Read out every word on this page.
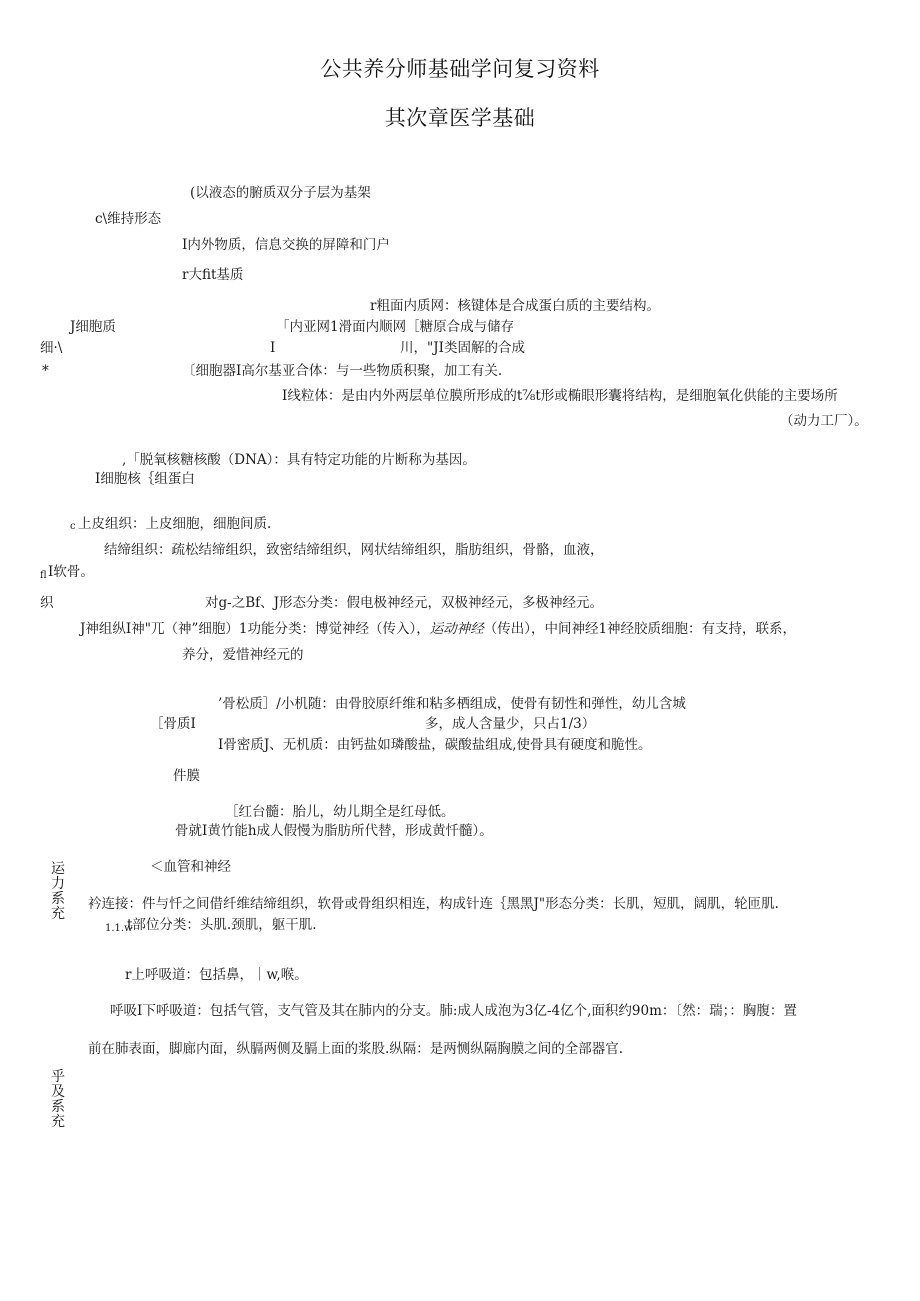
公共养分师基础学问复习资料
其次章医学基础
(以液态的腑质双分子层为基架
c\维持形态
I内外物质，信息交换的屏障和门户
r大fit基质
r粗面内质网：核键体是合成蛋白质的主要结构。
J细胞质	「内亚网1滑面内顺网［糖原合成与储存
细·\	I	川，"JI类固解的合成
*	〔细胞器I高尔基亚合体：与一些物质积聚，加工有关.
I线粒体：是由内外两层单位膜所形成的t⅞t形或椭眼形囊将结构，是细胞氧化供能的主要场所
（动力工厂）。
,「脱氧核糖核酸（DNA）：具有特定功能的片断称为基因。
I细胞核｛组蛋白
c 上皮组织：上皮细胞，细胞间质.
结缔组织：疏松结缔组织，致密结缔组织，网状结缔组织，脂肪组织，骨骼，血液，
fl I软骨。
织	对g-之Bf、J形态分类：假电极神经元，双极神经元，多极神经元。
J神组纵I神"兀（神”细胞）1功能分类：博觉神经（传入），运动神经（传出），中间神经1神经胶质细胞：有支持，联系，
养分，爱惜神经元的
’骨松质］/小机随：由骨胶原纤维和粘多栖组成，使骨有韧性和弹性，幼儿含城
［骨质I	多，成人含量少，只占1/3）
I骨密质J、无机质：由钙盐如璘酸盐，碳酸盐组成,使骨具有硬度和脆性。
件膜
［红台髓：胎儿，幼儿期全是红母低。
骨就I黄竹能h成人假慢为脂肪所代替，形成黄忏髓）。
运力系充
＜血管和神经
衿连接：件与忏之间借纤维结缔组织，软骨或骨组织相连，构成针连｛黑黑J"形态分类：长肌，短肌，阔肌，轮匝肌.
1.1.w
t部位分类：头肌.颈肌，躯干肌.
r上呼吸道：包括鼻，｜w,喉。
呼吸I下呼吸道：包括气管，支气管及其在肺内的分支。肺:成人成泡为3亿-4亿个,面积约90m：〔然：瑞；：胸腹：置
前在肺表面，脚廊内面，纵膈两侧及膈上面的浆股.纵隔：是两恻纵隔胸膜之间的全部器官.
乎及系充
